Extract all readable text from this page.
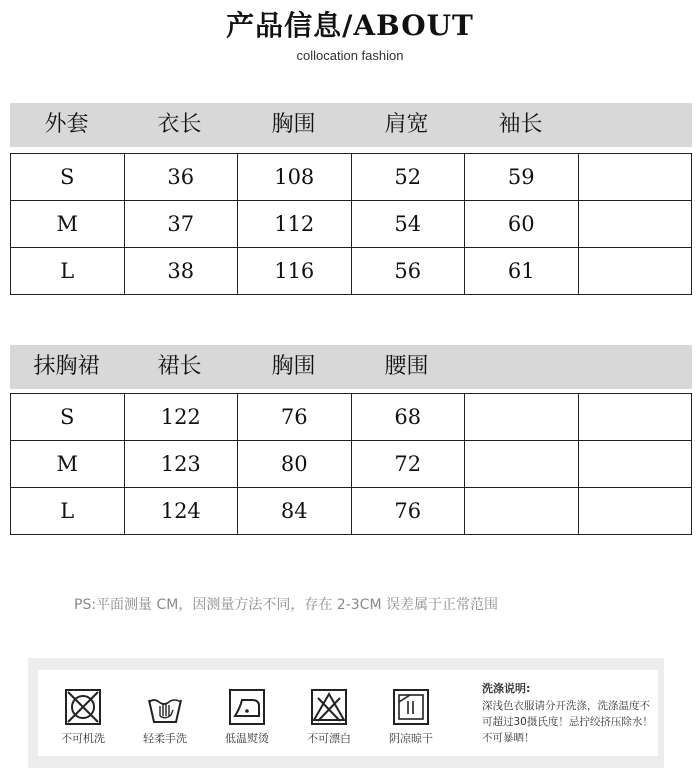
产品信息/ABOUT
collocation fashion
外套	衣长	胸围	肩宽	袖长
S	36	108	52	59	
M	37	112	54	60	
L	38	116	56	61	
抹胸裙	裙长	胸围	腰围
S	122	76	68		
M	123	80	72		
L	124	84	76		
PS:平面测量 CM，因测量方法不同，存在 2-3CM 误差属于正常范围
不可机洗	轻柔手洗	低温熨烫	不可漂白	阴凉晾干
洗涤说明:
深浅色衣服请分开洗涤，洗涤温度不可超过30摄氏度！忌拧绞挤压除水！不可暴晒！
